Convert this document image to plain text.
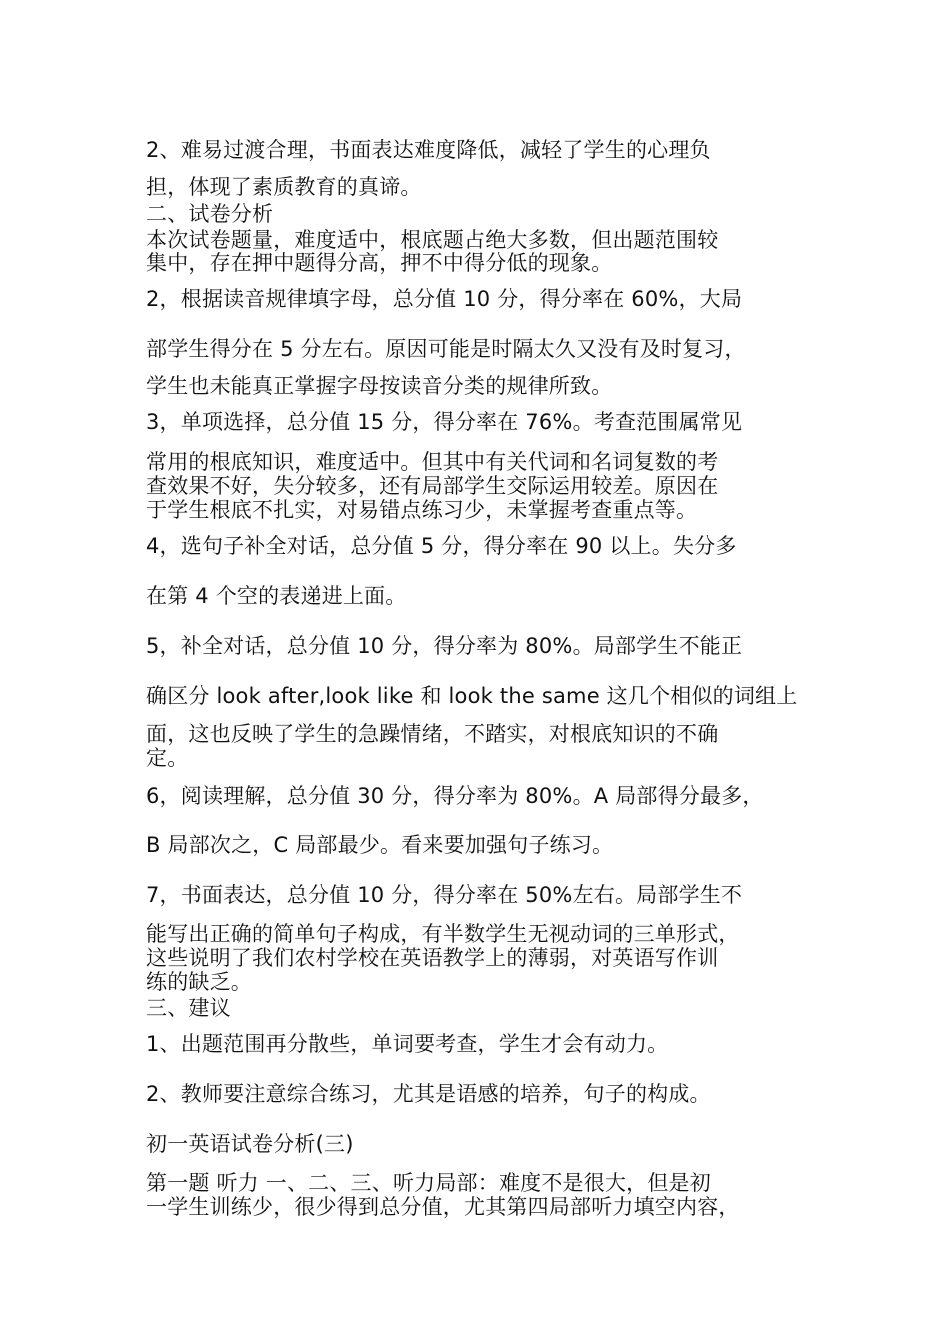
2、难易过渡合理，书面表达难度降低，减轻了学生的心理负
担，体现了素质教育的真谛。
二、试卷分析
本次试卷题量，难度适中，根底题占绝大多数，但出题范围较
集中，存在押中题得分高，押不中得分低的现象。
2，根据读音规律填字母，总分值 10 分，得分率在 60%，大局
部学生得分在 5 分左右。原因可能是时隔太久又没有及时复习，
学生也未能真正掌握字母按读音分类的规律所致。
3，单项选择，总分值 15 分，得分率在 76%。考查范围属常见
常用的根底知识，难度适中。但其中有关代词和名词复数的考
查效果不好，失分较多，还有局部学生交际运用较差。原因在
于学生根底不扎实，对易错点练习少，未掌握考查重点等。
4，选句子补全对话，总分值 5 分，得分率在 90 以上。失分多
在第 4 个空的表递进上面。
5，补全对话，总分值 10 分，得分率为 80%。局部学生不能正
确区分 look after,look like 和 look the same 这几个相似的词组上
面，这也反映了学生的急躁情绪，不踏实，对根底知识的不确
定。
6，阅读理解，总分值 30 分，得分率为 80%。A 局部得分最多，
B 局部次之，C 局部最少。看来要加强句子练习。
7，书面表达，总分值 10 分，得分率在 50%左右。局部学生不
能写出正确的简单句子构成，有半数学生无视动词的三单形式，
这些说明了我们农村学校在英语教学上的薄弱，对英语写作训
练的缺乏。
三、建议
1、出题范围再分散些，单词要考查，学生才会有动力。
2、教师要注意综合练习，尤其是语感的培养，句子的构成。
初一英语试卷分析(三)
第一题 听力 一、二、三、听力局部：难度不是很大，但是初
一学生训练少，很少得到总分值，尤其第四局部听力填空内容，
